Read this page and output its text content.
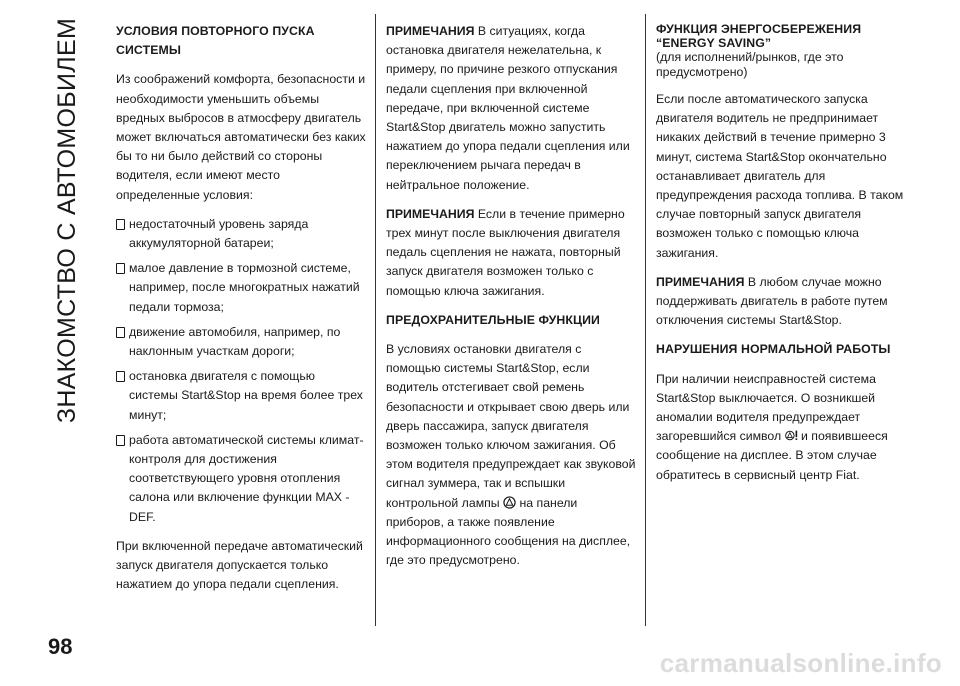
ЗНАКОМСТВО С АВТОМОБИЛЕМ	УСЛОВИЯ ПОВТОРНОГО ПУСКА СИСТЕМЫ

Из соображений комфорта, безопасности и необходимости уменьшить объемы вредных выбросов в атмосферу двигатель может включаться автоматически без каких бы то ни было действий со стороны водителя, если имеют место определенные условия:

недостаточный уровень заряда аккумуляторной батареи;
малое давление в тормозной системе, например, после многократных нажатий педали тормоза;
движение автомобиля, например, по наклонным участкам дороги;
остановка двигателя с помощью системы Start&Stop на время более трех минут;
работа автоматической системы климат-контроля для достижения соответствующего уровня отопления салона или включение функции MAX - DEF.

При включенной передаче автоматический запуск двигателя допускается только нажатием до упора педали сцепления.

ПРИМЕЧАНИЯ В ситуациях, когда остановка двигателя нежелательна, к примеру, по причине резкого отпускания педали сцепления при включенной передаче, при включенной системе Start&Stop двигатель можно запустить нажатием до упора педали сцепления или переключением рычага передач в нейтральное положение.

ПРИМЕЧАНИЯ Если в течение примерно трех минут после выключения двигателя педаль сцепления не нажата, повторный запуск двигателя возможен только с помощью ключа зажигания.

ПРЕДОХРАНИТЕЛЬНЫЕ ФУНКЦИИ

В условиях остановки двигателя с помощью системы Start&Stop, если водитель отстегивает свой ремень безопасности и открывает свою дверь или дверь пассажира, запуск двигателя возможен только ключом зажигания. Об этом водителя предупреждает как звуковой сигнал зуммера, так и вспышки контрольной лампы  на панели приборов, а также появление информационного сообщения на дисплее, где это предусмотрено.

ФУНКЦИЯ ЭНЕРГОСБЕРЕЖЕНИЯ “ENERGY SAVING”
(для исполнений/рынков, где это предусмотрено)

Если после автоматического запуска двигателя водитель не предпринимает никаких действий в течение примерно 3 минут, система Start&Stop окончательно останавливает двигатель для предупреждения расхода топлива. В таком случае повторный запуск двигателя возможен только с помощью ключа зажигания.

ПРИМЕЧАНИЯ В любом случае можно поддерживать двигатель в работе путем отключения системы Start&Stop.

НАРУШЕНИЯ НОРМАЛЬНОЙ РАБОТЫ

При наличии неисправностей система Start&Stop выключается. О возникшей аномалии водителя предупреждает загоревшийся символ  и появившееся сообщение на дисплее. В этом случае обратитесь в сервисный центр Fiat.

98
carmanualsonline.info
